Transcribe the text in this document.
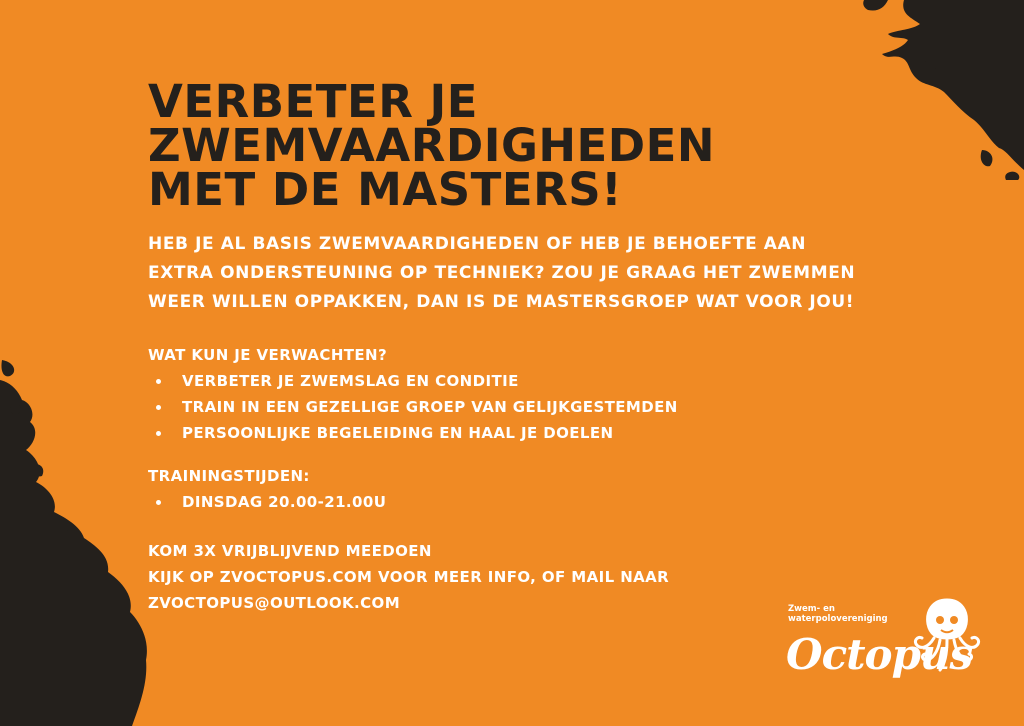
VERBETER JE
ZWEMVAARDIGHEDEN
MET DE MASTERS!

HEB JE AL BASIS ZWEMVAARDIGHEDEN OF HEB JE BEHOEFTE AAN
EXTRA ONDERSTEUNING OP TECHNIEK? ZOU JE GRAAG HET ZWEMMEN
WEER WILLEN OPPAKKEN, DAN IS DE MASTERSGROEP WAT VOOR JOU!

WAT KUN JE VERWACHTEN?
VERBETER JE ZWEMSLAG EN CONDITIE
TRAIN IN EEN GEZELLIGE GROEP VAN GELIJKGESTEMDEN
PERSOONLIJKE BEGELEIDING EN HAAL JE DOELEN
TRAININGSTIJDEN:
DINSDAG 20.00-21.00U
KOM 3X VRIJBLIJVEND MEEDOEN
KIJK OP ZVOCTOPUS.COM VOOR MEER INFO, OF MAIL NAAR
ZVOCTOPUS@OUTLOOK.COM	Zwem- en
waterpolovereniging
Octopus
